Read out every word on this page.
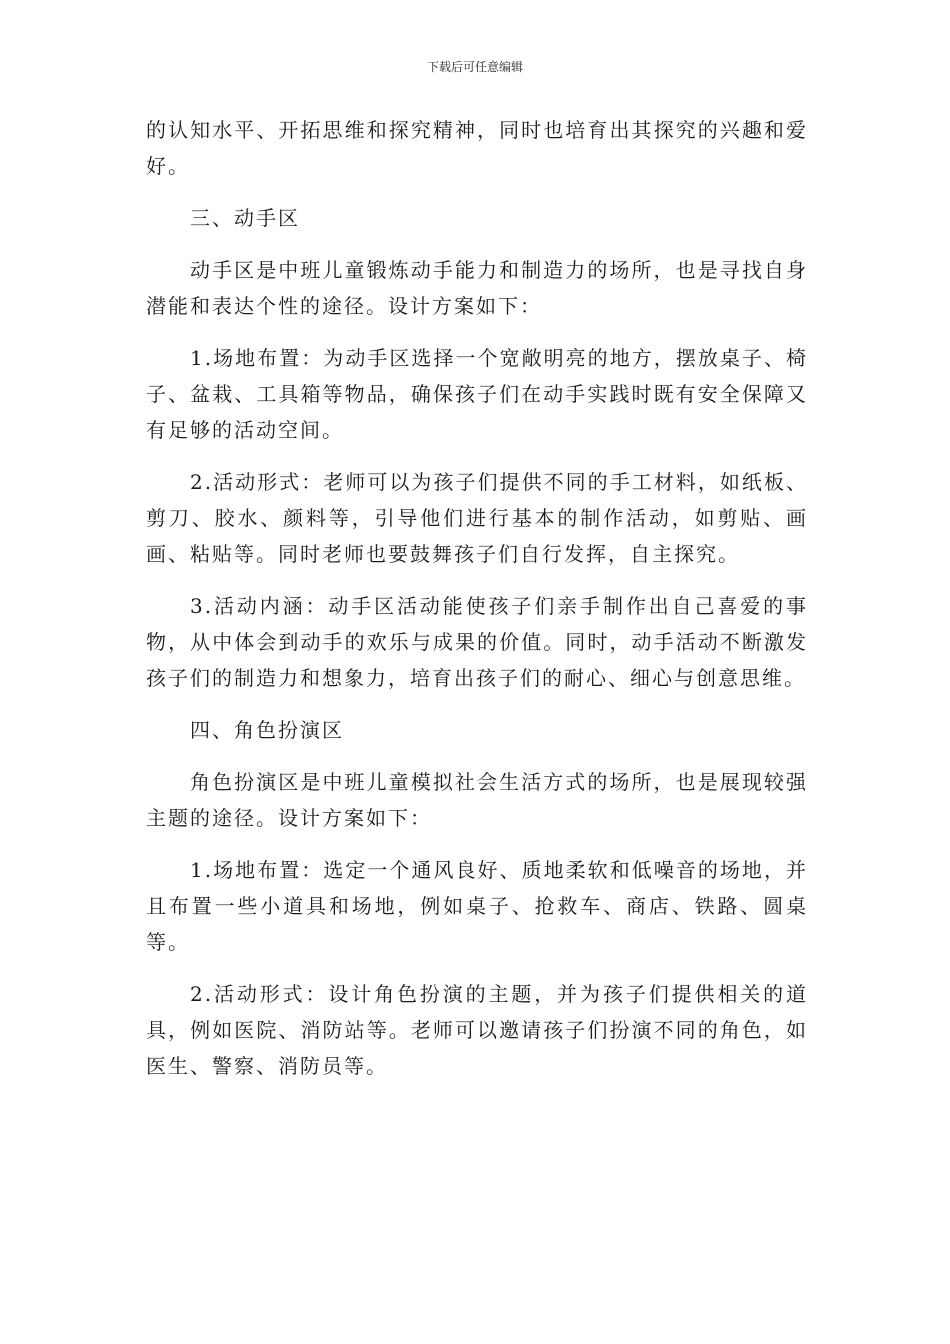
下载后可任意编辑

的认知水平、开拓思维和探究精神，同时也培育出其探究的兴趣和爱好。

三、动手区

动手区是中班儿童锻炼动手能力和制造力的场所，也是寻找自身潜能和表达个性的途径。设计方案如下：

1.场地布置：为动手区选择一个宽敞明亮的地方，摆放桌子、椅子、盆栽、工具箱等物品，确保孩子们在动手实践时既有安全保障又有足够的活动空间。

2.活动形式：老师可以为孩子们提供不同的手工材料，如纸板、剪刀、胶水、颜料等，引导他们进行基本的制作活动，如剪贴、画画、粘贴等。同时老师也要鼓舞孩子们自行发挥，自主探究。

3.活动内涵：动手区活动能使孩子们亲手制作出自己喜爱的事物，从中体会到动手的欢乐与成果的价值。同时，动手活动不断激发孩子们的制造力和想象力，培育出孩子们的耐心、细心与创意思维。

四、角色扮演区

角色扮演区是中班儿童模拟社会生活方式的场所，也是展现较强主题的途径。设计方案如下：

1.场地布置：选定一个通风良好、质地柔软和低噪音的场地，并且布置一些小道具和场地，例如桌子、抢救车、商店、铁路、圆桌等。

2.活动形式：设计角色扮演的主题，并为孩子们提供相关的道具，例如医院、消防站等。老师可以邀请孩子们扮演不同的角色，如医生、警察、消防员等。
